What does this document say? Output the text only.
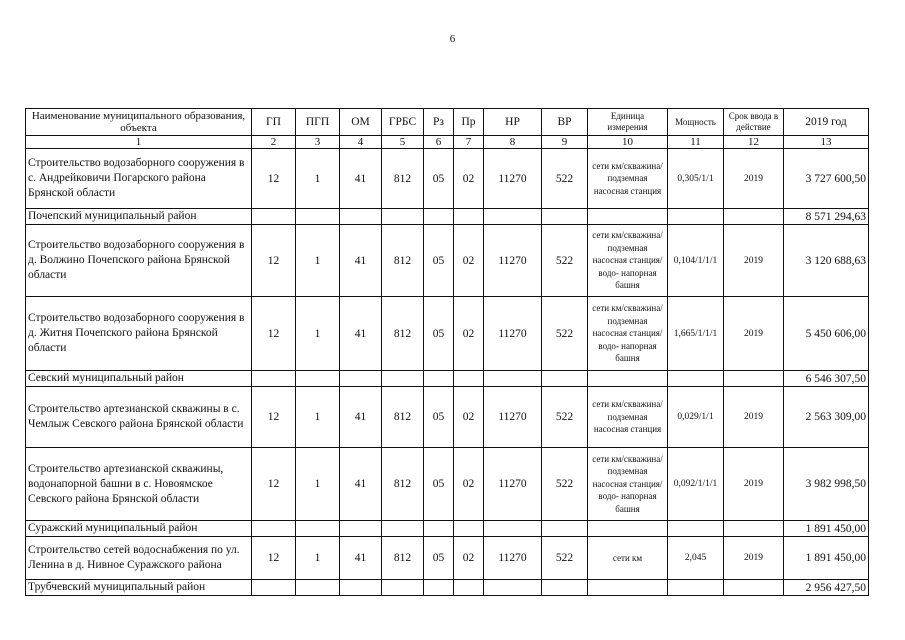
6
Наименование муниципального образования, объекта	ГП	ПГП	ОМ	ГРБС	Рз	Пр	НР	ВР	Единица измерения	Мощность	Срок ввода в действие	2019 год
1	2	3	4	5	6	7	8	9	10	11	12	13
Строительство водозаборного сооружения в с. Андрейковичи Погарского района Брянской области	12	1	41	812	05	02	11270	522	сети км/скважина/ подземная насосная станция	0,305/1/1	2019	3 727 600,50
Почепский муниципальный район												8 571 294,63
Строительство водозаборного сооружения в д. Волжино Почепского района Брянской области	12	1	41	812	05	02	11270	522	сети км/скважина/ подземная насосная станция/водо- напорная башня	0,104/1/1/1	2019	3 120 688,63
Строительство водозаборного сооружения в д. Житня Почепского района Брянской области	12	1	41	812	05	02	11270	522	сети км/скважина/ подземная насосная станция/водо- напорная башня	1,665/1/1/1	2019	5 450 606,00
Севский муниципальный район												6 546 307,50
Строительство артезианской скважины в с. Чемлыж Севского района Брянской области	12	1	41	812	05	02	11270	522	сети км/скважина/ подземная насосная станция	0,029/1/1	2019	2 563 309,00
Строительство артезианской скважины, водонапорной башни в с. Новоямское Севского района Брянской области	12	1	41	812	05	02	11270	522	сети км/скважина/ подземная насосная станция/водо- напорная башня	0,092/1/1/1	2019	3 982 998,50
Суражский муниципальный район												1 891 450,00
Строительство сетей водоснабжения по ул. Ленина в д. Нивное Суражского района	12	1	41	812	05	02	11270	522	сети км	2,045	2019	1 891 450,00
Трубчевский муниципальный район												2 956 427,50
